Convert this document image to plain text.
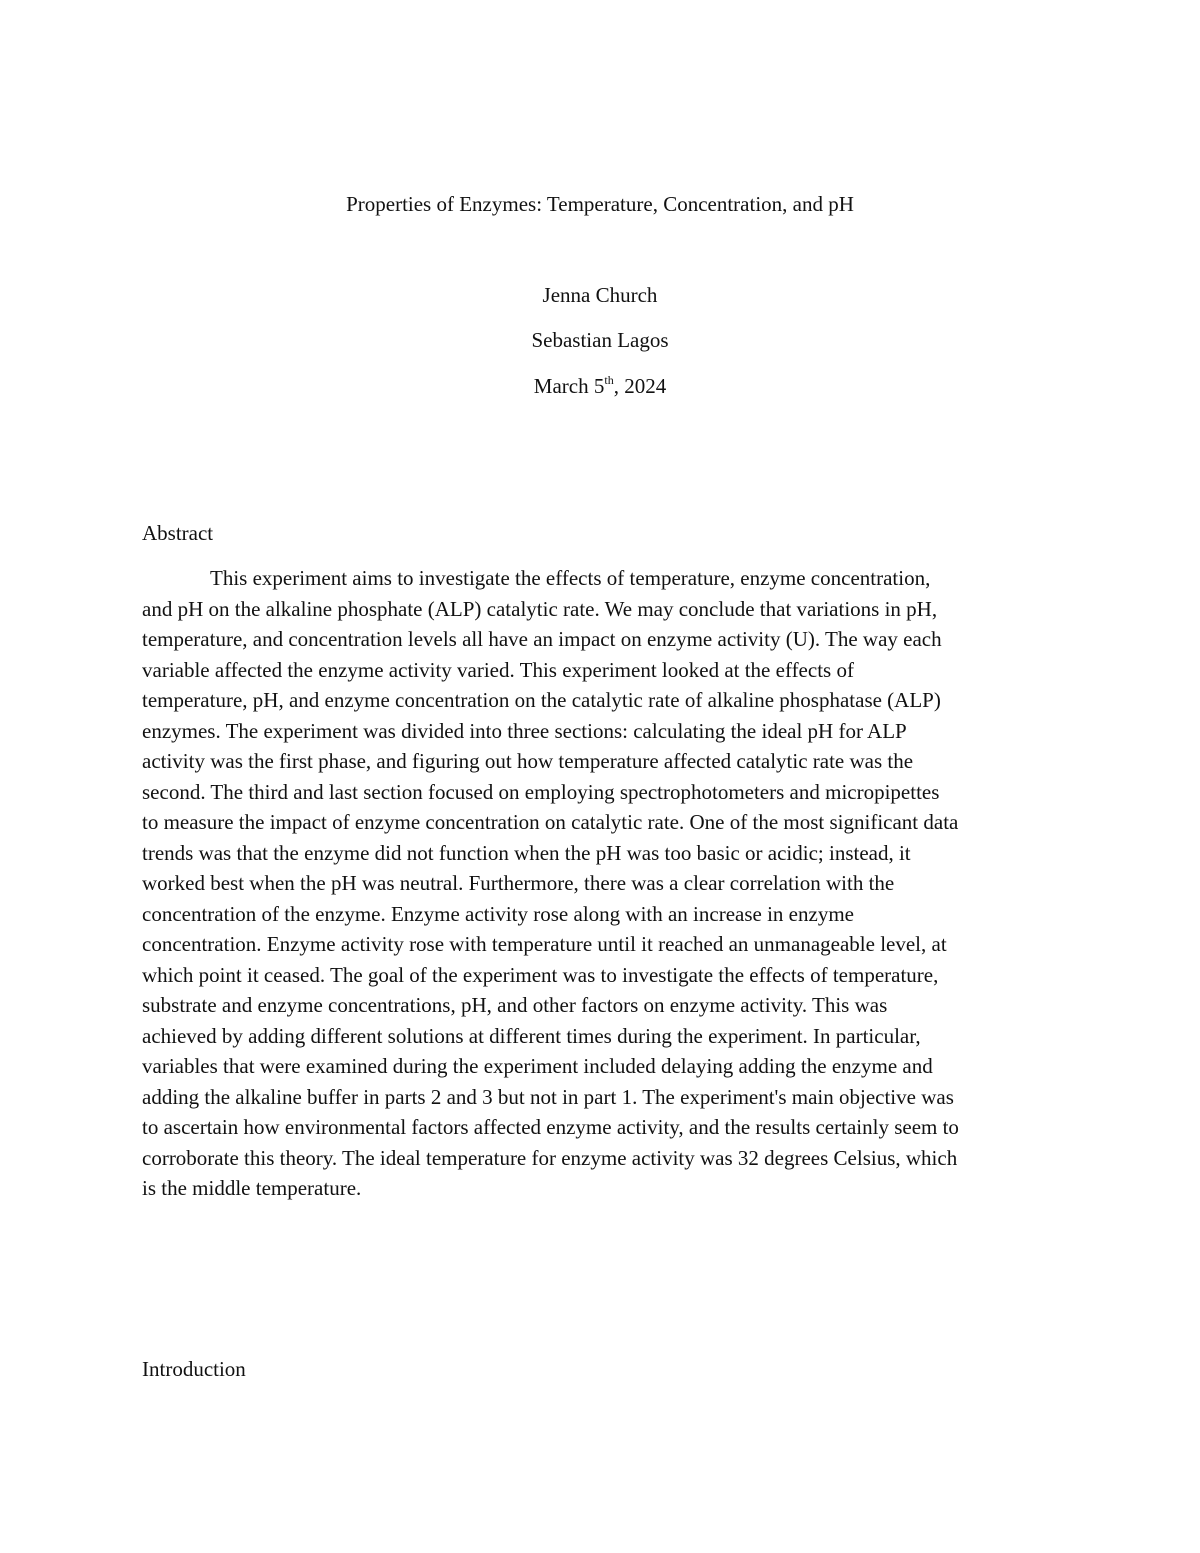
Properties of Enzymes: Temperature, Concentration, and pH
Jenna Church
Sebastian Lagos
March 5th, 2024
Abstract
This experiment aims to investigate the effects of temperature, enzyme concentration,
and pH on the alkaline phosphate (ALP) catalytic rate. We may conclude that variations in pH,
temperature, and concentration levels all have an impact on enzyme activity (U). The way each
variable affected the enzyme activity varied. This experiment looked at the effects of
temperature, pH, and enzyme concentration on the catalytic rate of alkaline phosphatase (ALP)
enzymes. The experiment was divided into three sections: calculating the ideal pH for ALP
activity was the first phase, and figuring out how temperature affected catalytic rate was the
second. The third and last section focused on employing spectrophotometers and micropipettes
to measure the impact of enzyme concentration on catalytic rate. One of the most significant data
trends was that the enzyme did not function when the pH was too basic or acidic; instead, it
worked best when the pH was neutral. Furthermore, there was a clear correlation with the
concentration of the enzyme. Enzyme activity rose along with an increase in enzyme
concentration. Enzyme activity rose with temperature until it reached an unmanageable level, at
which point it ceased. The goal of the experiment was to investigate the effects of temperature,
substrate and enzyme concentrations, pH, and other factors on enzyme activity. This was
achieved by adding different solutions at different times during the experiment. In particular,
variables that were examined during the experiment included delaying adding the enzyme and
adding the alkaline buffer in parts 2 and 3 but not in part 1. The experiment's main objective was
to ascertain how environmental factors affected enzyme activity, and the results certainly seem to
corroborate this theory. The ideal temperature for enzyme activity was 32 degrees Celsius, which
is the middle temperature.
Introduction
